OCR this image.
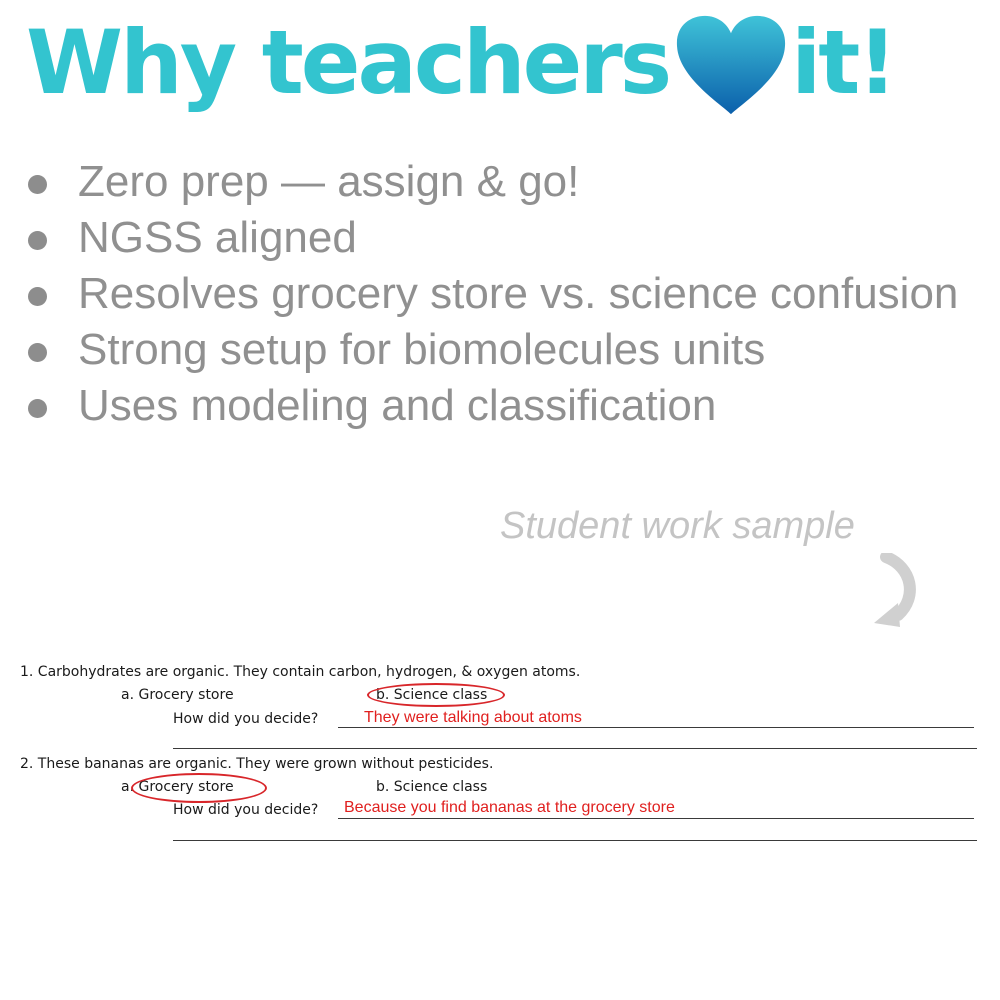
Why teachers it!
Zero prep — assign & go!
NGSS aligned
Resolves grocery store vs. science confusion
Strong setup for biomolecules units
Uses modeling and classification
Student work sample
1. Carbohydrates are organic. They contain carbon, hydrogen, & oxygen atoms.
a. Grocery store	b. Science class
How did you decide?	They were talking about atoms
2. These bananas are organic. They were grown without pesticides.
a. Grocery store	b. Science class
How did you decide? Because you find bananas at the grocery store
